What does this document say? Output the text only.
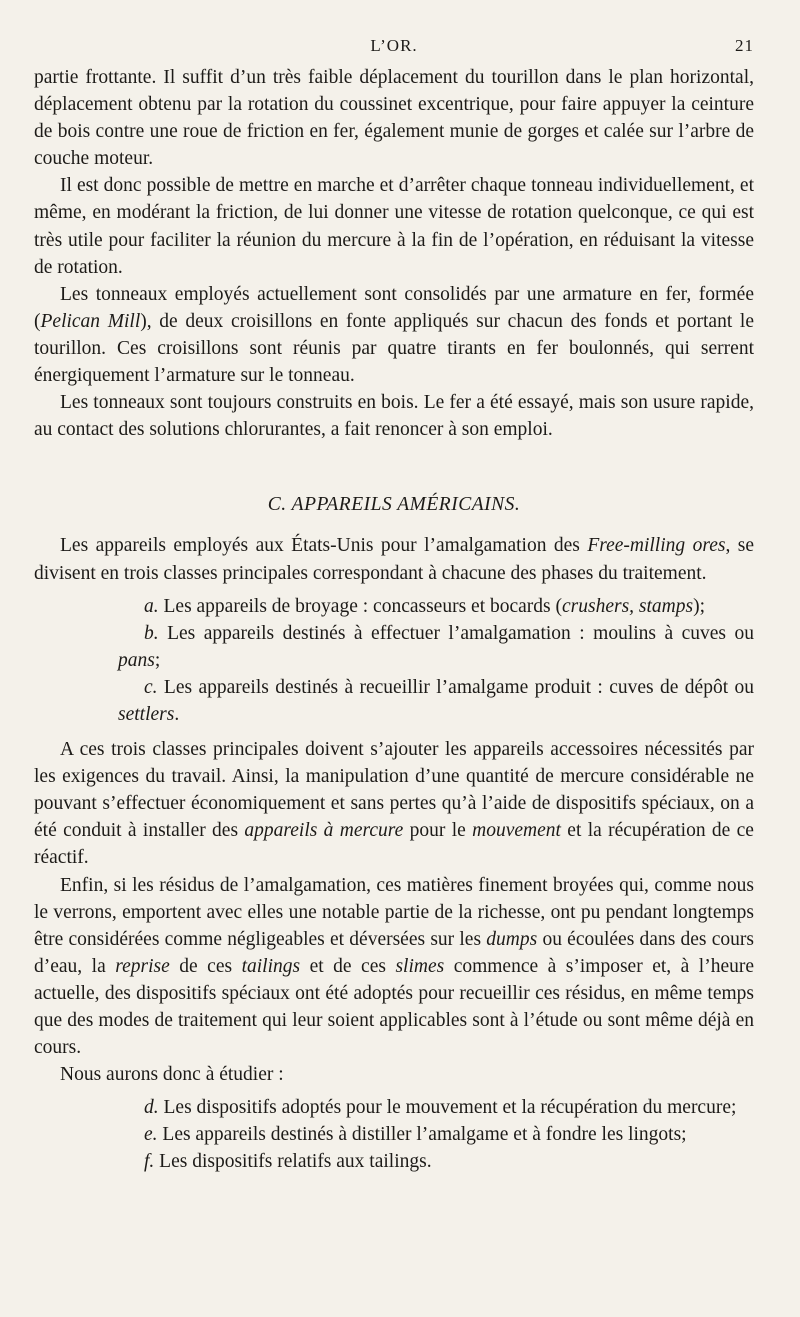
L’OR.	21

partie frottante. Il suffit d’un très faible déplacement du tourillon dans le plan horizontal, déplacement obtenu par la rotation du coussinet excentrique, pour faire appuyer la ceinture de bois contre une roue de friction en fer, également munie de gorges et calée sur l’arbre de couche moteur.

Il est donc possible de mettre en marche et d’arrêter chaque tonneau individuellement, et même, en modérant la friction, de lui donner une vitesse de rotation quelconque, ce qui est très utile pour faciliter la réunion du mercure à la fin de l’opération, en réduisant la vitesse de rotation.

Les tonneaux employés actuellement sont consolidés par une armature en fer, formée (Pelican Mill), de deux croisillons en fonte appliqués sur chacun des fonds et portant le tourillon. Ces croisillons sont réunis par quatre tirants en fer boulonnés, qui serrent énergiquement l’armature sur le tonneau.

Les tonneaux sont toujours construits en bois. Le fer a été essayé, mais son usure rapide, au contact des solutions chlorurantes, a fait renoncer à son emploi.

C. APPAREILS AMÉRICAINS.

Les appareils employés aux États-Unis pour l’amalgamation des Free-milling ores, se divisent en trois classes principales correspondant à chacune des phases du traitement.

a. Les appareils de broyage : concasseurs et bocards (crushers, stamps);

b. Les appareils destinés à effectuer l’amalgamation : moulins à cuves ou pans;

c. Les appareils destinés à recueillir l’amalgame produit : cuves de dépôt ou settlers.

A ces trois classes principales doivent s’ajouter les appareils accessoires nécessités par les exigences du travail. Ainsi, la manipulation d’une quantité de mercure considérable ne pouvant s’effectuer économiquement et sans pertes qu’à l’aide de dispositifs spéciaux, on a été conduit à installer des appareils à mercure pour le mouvement et la récupération de ce réactif.

Enfin, si les résidus de l’amalgamation, ces matières finement broyées qui, comme nous le verrons, emportent avec elles une notable partie de la richesse, ont pu pendant longtemps être considérées comme négligeables et déversées sur les dumps ou écoulées dans des cours d’eau, la reprise de ces tailings et de ces slimes commence à s’imposer et, à l’heure actuelle, des dispositifs spéciaux ont été adoptés pour recueillir ces résidus, en même temps que des modes de traitement qui leur soient applicables sont à l’étude ou sont même déjà en cours.

Nous aurons donc à étudier :

d. Les dispositifs adoptés pour le mouvement et la récupération du mercure;

e. Les appareils destinés à distiller l’amalgame et à fondre les lingots;

f. Les dispositifs relatifs aux tailings.
